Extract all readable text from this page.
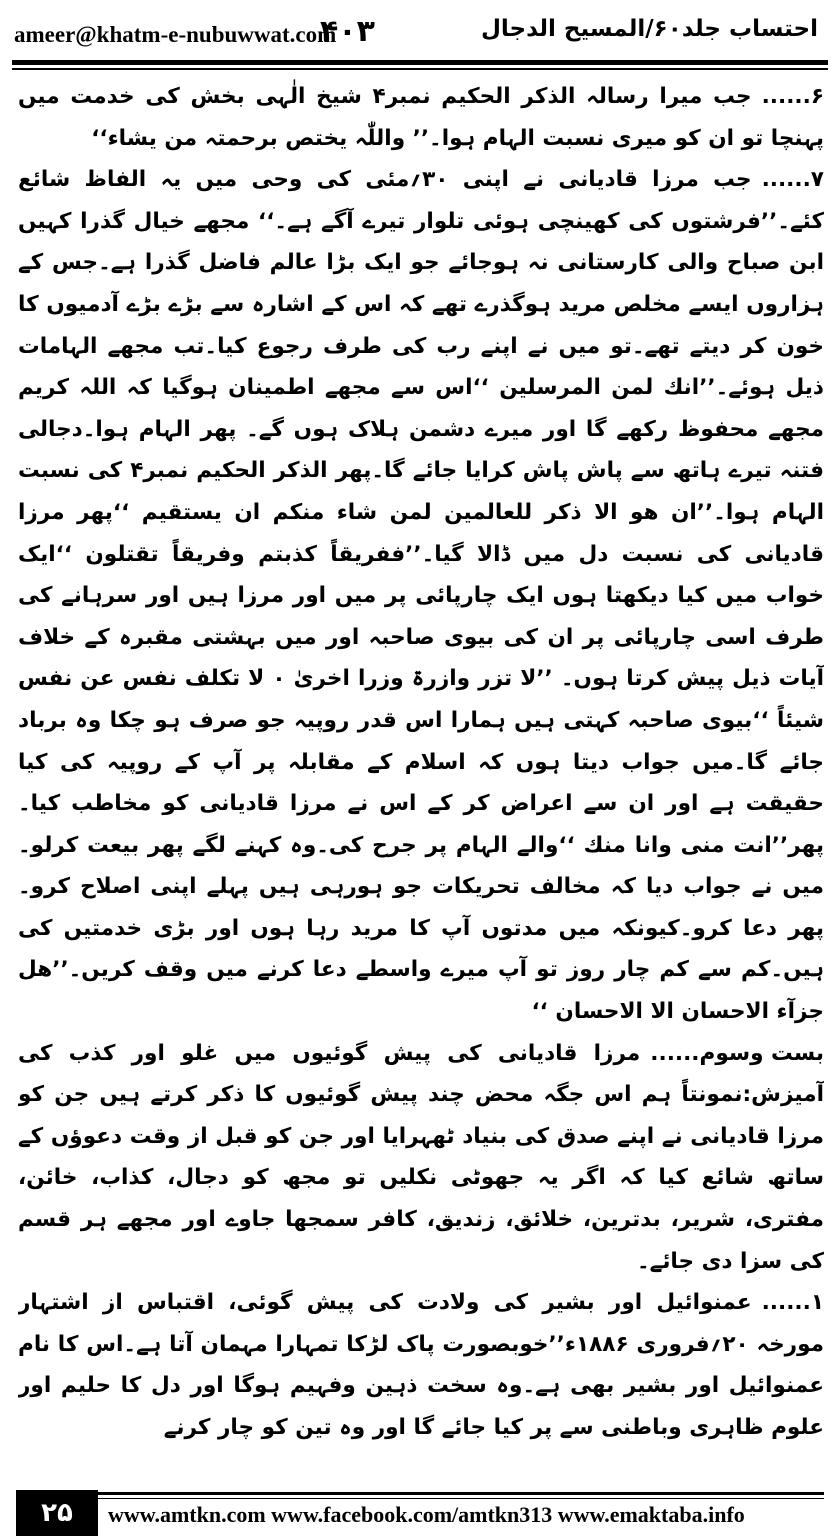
ameer@khatm-e-nubuwwat.com
۴۰۳	احتساب جلد۶۰/المسیح الدجال

۶......جب میرا رسالہ الذکر الحکیم نمبر۴ شیخ الٰہی بخش کی خدمت میں پہنچا تو ان کو میری نسبت الہام ہوا۔’’ واللّٰہ یختص برحمتہ من یشاء‘‘

۷......جب مرزا قادیانی نے اپنی ۳۰؍مئی کی وحی میں یہ الفاظ شائع کئے۔’’فرشتوں کی کھینچی ہوئی تلوار تیرے آگے ہے۔‘‘ مجھے خیال گذرا کہیں ابن صباح والی کارستانی نہ ہوجائے جو ایک بڑا عالم فاضل گذرا ہے۔جس کے ہزاروں ایسے مخلص مرید ہوگذرے تھے کہ اس کے اشارہ سے بڑے بڑے آدمیوں کا خون کر دیتے تھے۔تو میں نے اپنے رب کی طرف رجوع کیا۔تب مجھے الہامات ذیل ہوئے۔’’انك لمن المرسلین ‘‘اس سے مجھے اطمینان ہوگیا کہ اللہ کریم مجھے محفوظ رکھے گا اور میرے دشمن ہلاک ہوں گے۔ پھر الہام ہوا۔دجالی فتنہ تیرے ہاتھ سے پاش پاش کرایا جائے گا۔پھر الذکر الحکیم نمبر۴ کی نسبت الہام ہوا۔’’ان ھو الا ذکر للعالمین لمن شاء منکم ان یستقیم ‘‘پھر مرزا قادیانی کی نسبت دل میں ڈالا گیا۔’’ففریقاً کذبتم وفریقاً تقتلون ‘‘ایک خواب میں کیا دیکھتا ہوں ایک چارپائی پر میں اور مرزا ہیں اور سرہانے کی طرف اسی چارپائی پر ان کی بیوی صاحبہ اور میں بہشتی مقبرہ کے خلاف آیات ذیل پیش کرتا ہوں۔ ’’لا تزر وازرۃ وزرا اخریٰ ۰ لا تکلف نفس عن نفس شیئاً ‘‘بیوی صاحبہ کہتی ہیں ہمارا اس قدر روپیہ جو صرف ہو چکا وہ برباد جائے گا۔میں جواب دیتا ہوں کہ اسلام کے مقابلہ پر آپ کے روپیہ کی کیا حقیقت ہے اور ان سے اعراض کر کے اس نے مرزا قادیانی کو مخاطب کیا۔ پھر’’انت منی وانا منك ‘‘والے الہام پر جرح کی۔وہ کہنے لگے پھر بیعت کرلو۔میں نے جواب دیا کہ مخالف تحریکات جو ہورہی ہیں پہلے اپنی اصلاح کرو۔پھر دعا کرو۔کیونکہ میں مدتوں آپ کا مرید رہا ہوں اور بڑی خدمتیں کی ہیں۔کم سے کم چار روز تو آپ میرے واسطے دعا کرنے میں وقف کریں۔’’ھل جزآء الاحسان الا الاحسان ‘‘

بست وسوم......مرزا قادیانی کی پیش گوئیوں میں غلو اور کذب کی آمیزش:نمونتاً ہم اس جگہ محض چند پیش گوئیوں کا ذکر کرتے ہیں جن کو مرزا قادیانی نے اپنے صدق کی بنیاد ٹھہرایا اور جن کو قبل از وقت دعوؤں کے ساتھ شائع کیا کہ اگر یہ جھوٹی نکلیں تو مجھ کو دجال، کذاب، خائن، مفتری، شریر، بدترین، خلائق، زندیق، کافر سمجھا جاوے اور مجھے ہر قسم کی سزا دی جائے۔

۱......عمنوائیل اور بشیر کی ولادت کی پیش گوئی، اقتباس از اشتہار مورخہ ۲۰؍فروری ۱۸۸۶ء’’خوبصورت پاک لڑکا تمہارا مہمان آتا ہے۔اس کا نام عمنوائیل اور بشیر بھی ہے۔وہ سخت ذہین وفہیم ہوگا اور دل کا حلیم اور علوم ظاہری وباطنی سے پر کیا جائے گا اور وہ تین کو چار کرنے

۲۵	www.amtkn.com www.facebook.com/amtkn313 www.emaktaba.info
